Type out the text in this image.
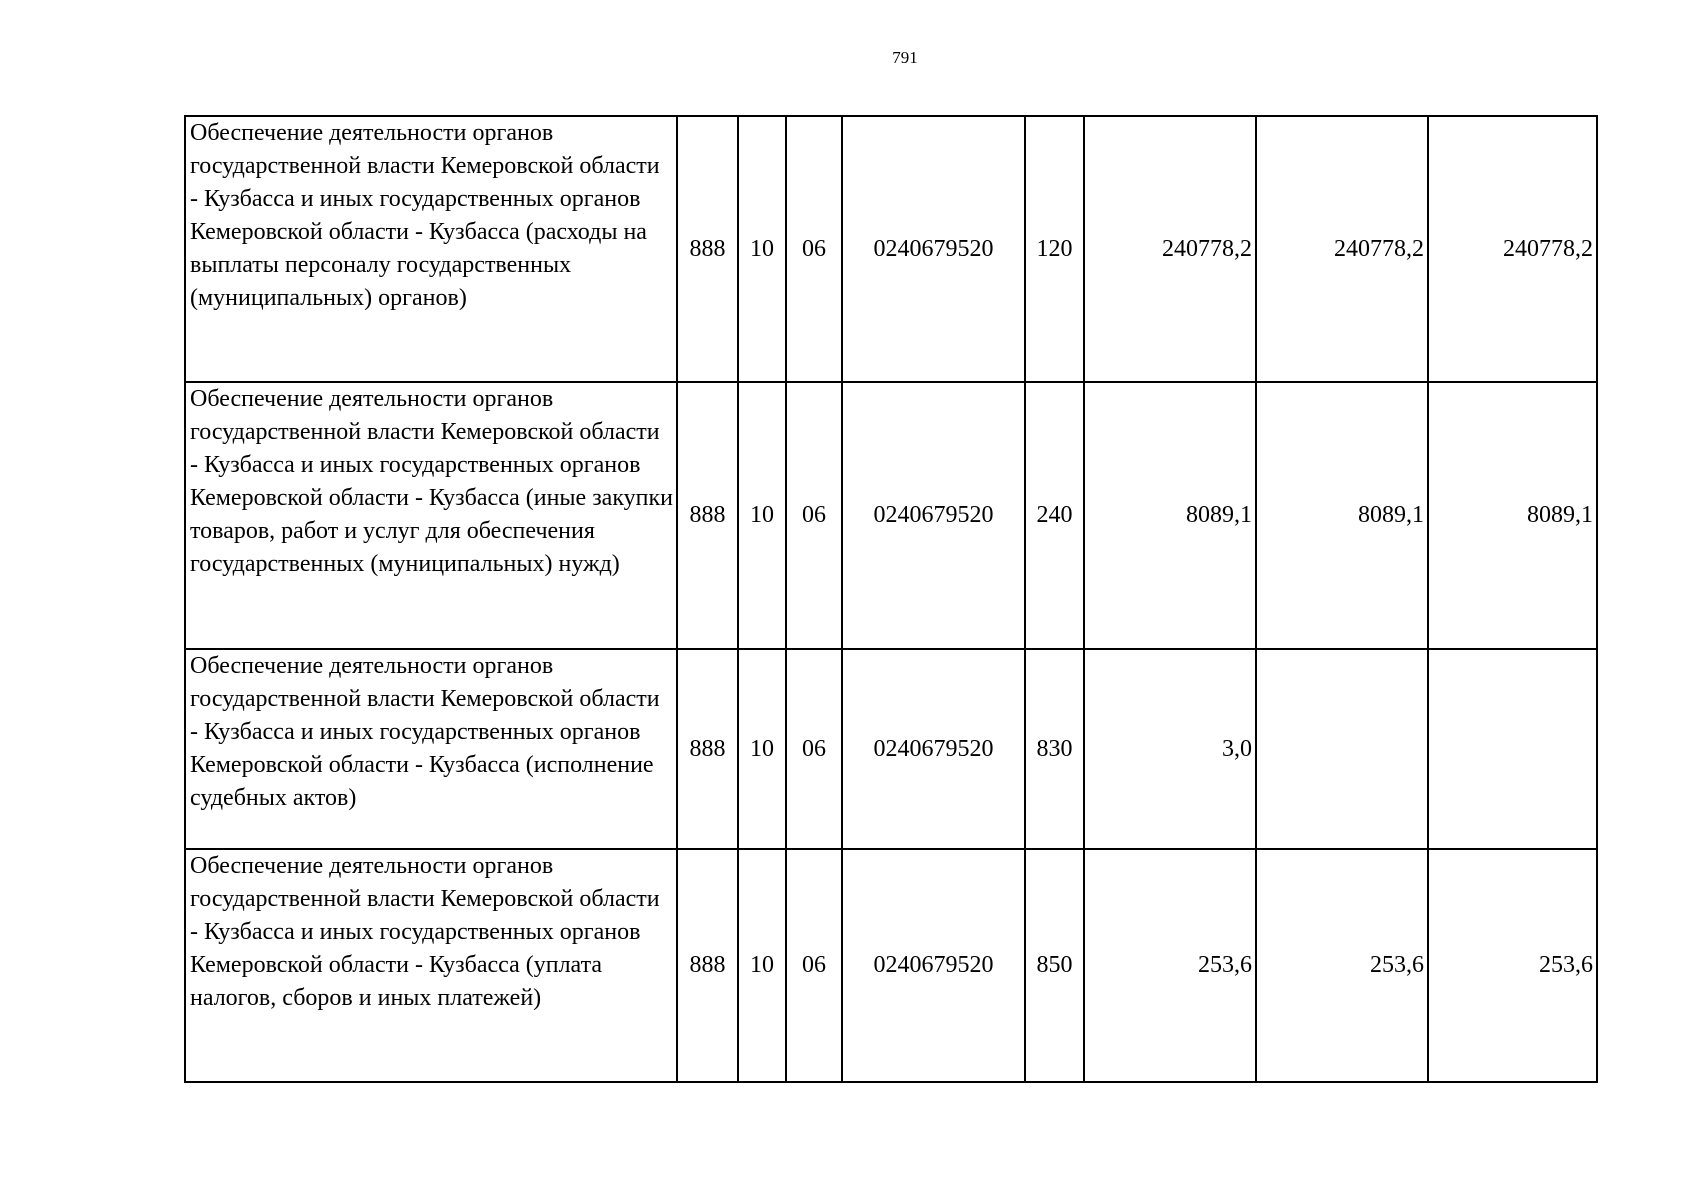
791
Обеспечение деятельности органов государственной власти Кемеровской области - Кузбасса и иных государственных органов Кемеровской области - Кузбасса (расходы на выплаты персоналу государственных (муниципальных) органов)	888	10	06	0240679520	120	240778,2	240778,2	240778,2
Обеспечение деятельности органов государственной власти Кемеровской области - Кузбасса и иных государственных органов Кемеровской области - Кузбасса (иные закупки товаров, работ и услуг для обеспечения государственных (муниципальных) нужд)	888	10	06	0240679520	240	8089,1	8089,1	8089,1
Обеспечение деятельности органов государственной власти Кемеровской области - Кузбасса и иных государственных органов Кемеровской области - Кузбасса (исполнение судебных актов)	888	10	06	0240679520	830	3,0		
Обеспечение деятельности органов государственной власти Кемеровской области - Кузбасса и иных государственных органов Кемеровской области - Кузбасса (уплата налогов, сборов и иных платежей)	888	10	06	0240679520	850	253,6	253,6	253,6
